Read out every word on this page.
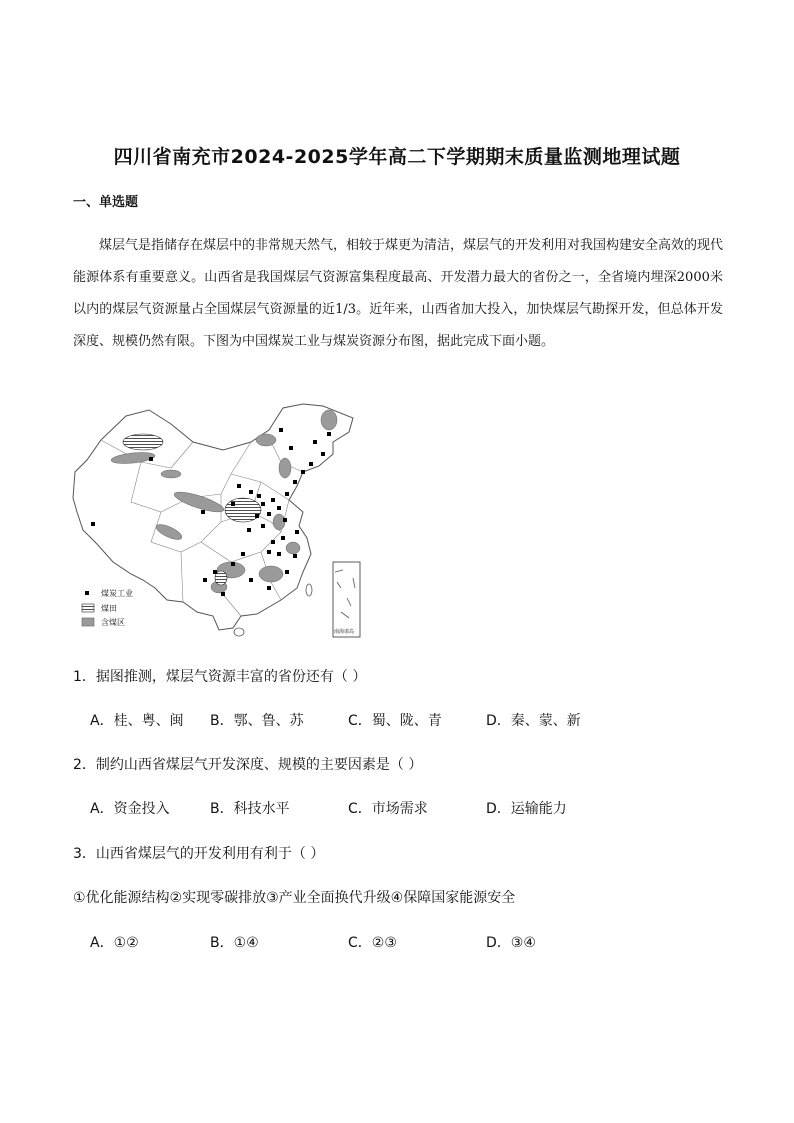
四川省南充市2024-2025学年高二下学期期末质量监测地理试题
一、单选题
煤层气是指储存在煤层中的非常规天然气，相较于煤更为清洁，煤层气的开发利用对我国构建安全高效的现代能源体系有重要意义。山西省是我国煤层气资源富集程度最高、开发潜力最大的省份之一，全省境内埋深2000米以内的煤层气资源量占全国煤层气资源量的近1/3。近年来，山西省加大投入，加快煤层气勘探开发，但总体开发深度、规模仍然有限。下图为中国煤炭工业与煤炭资源分布图，据此完成下面小题。
煤炭工业
煤田
含煤区
南海诸岛
1．据图推测，煤层气资源丰富的省份还有（ ）
A．桂、粤、闽 B．鄂、鲁、苏	C．蜀、陇、青	D．秦、蒙、新
2．制约山西省煤层气开发深度、规模的主要因素是（ ）
A．资金投入	B．科技水平	C．市场需求	D．运输能力
3．山西省煤层气的开发利用有利于（ ）
①优化能源结构②实现零碳排放③产业全面换代升级④保障国家能源安全
A．①②	B．①④	C．②③	D．③④
